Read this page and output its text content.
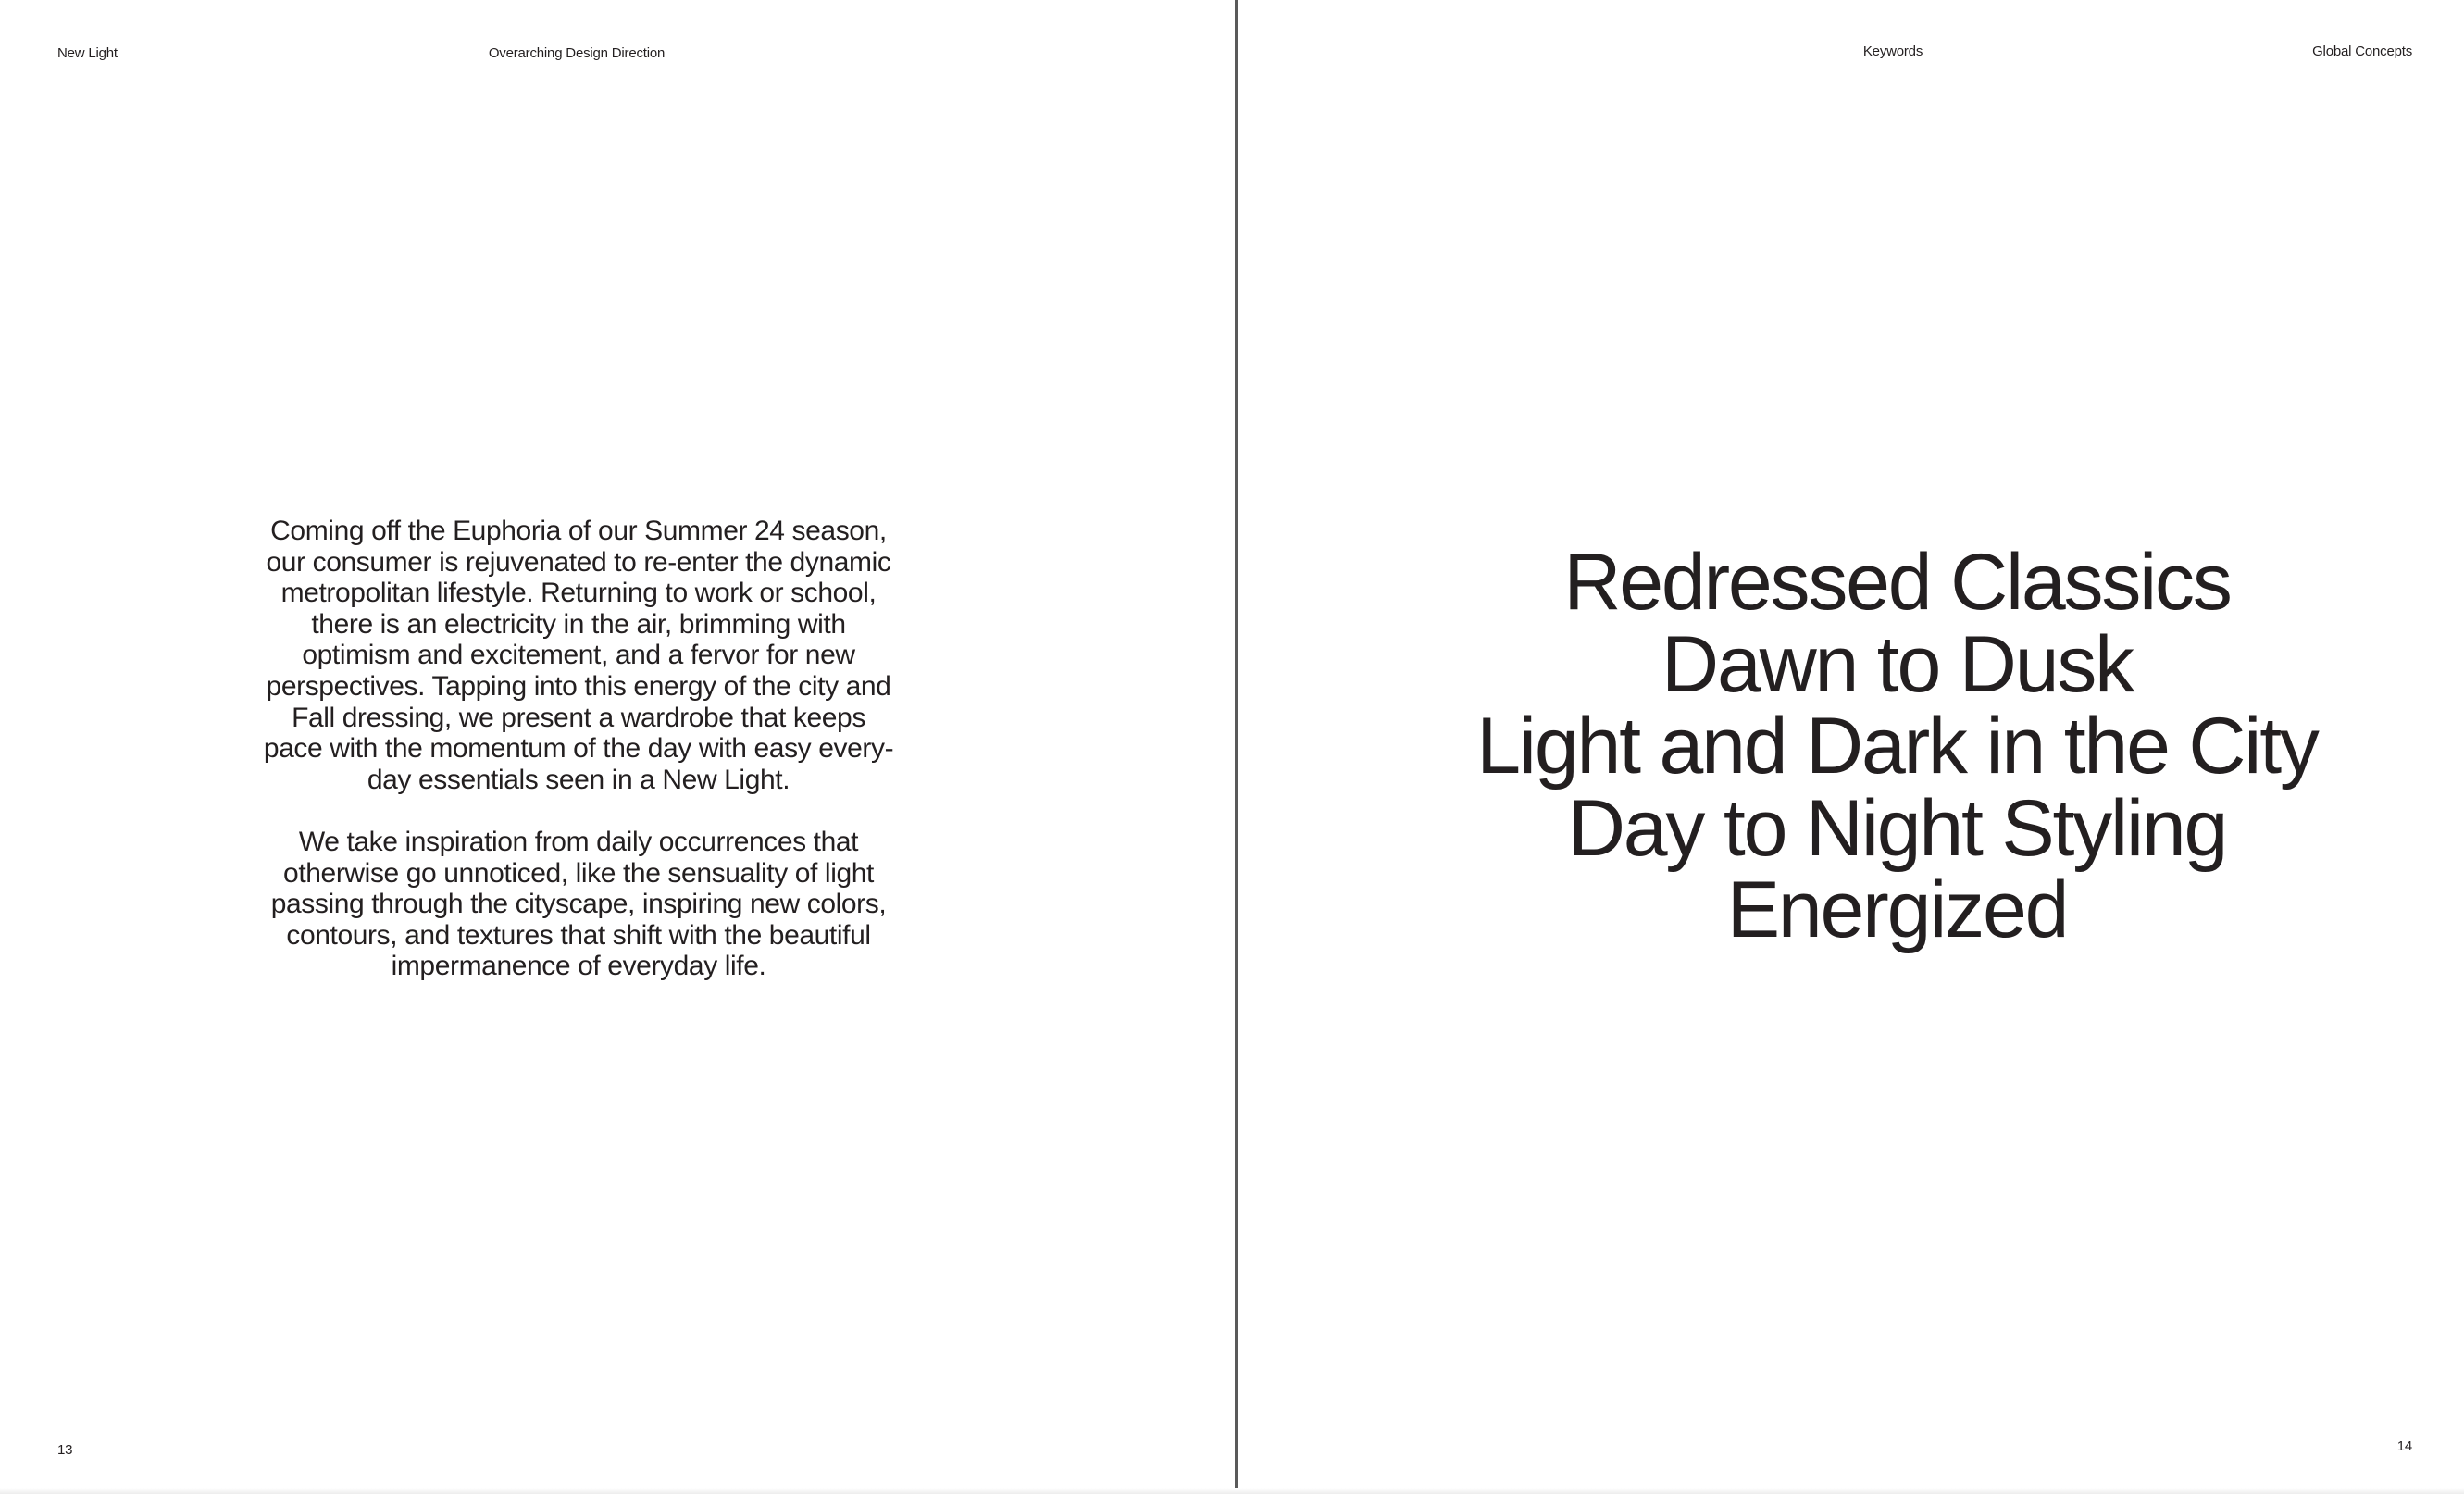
New Light	Overarching Design Direction

Coming off the Euphoria of our Summer 24 season, our consumer is rejuvenated to re-enter the dynamic metropolitan lifestyle. Returning to work or school, there is an electricity in the air, brimming with optimism and excitement, and a fervor for new perspectives. Tapping into this energy of the city and Fall dressing, we present a wardrobe that keeps pace with the momentum of the day with easy every-day essentials seen in a New Light.

We take inspiration from daily occurrences that otherwise go unnoticed, like the sensuality of light passing through the cityscape, inspiring new colors, contours, and textures that shift with the beautiful impermanence of everyday life.

13
Keywords	Global Concepts
Redressed Classics
Dawn to Dusk
Light and Dark in the City
Day to Night Styling
Energized
14
